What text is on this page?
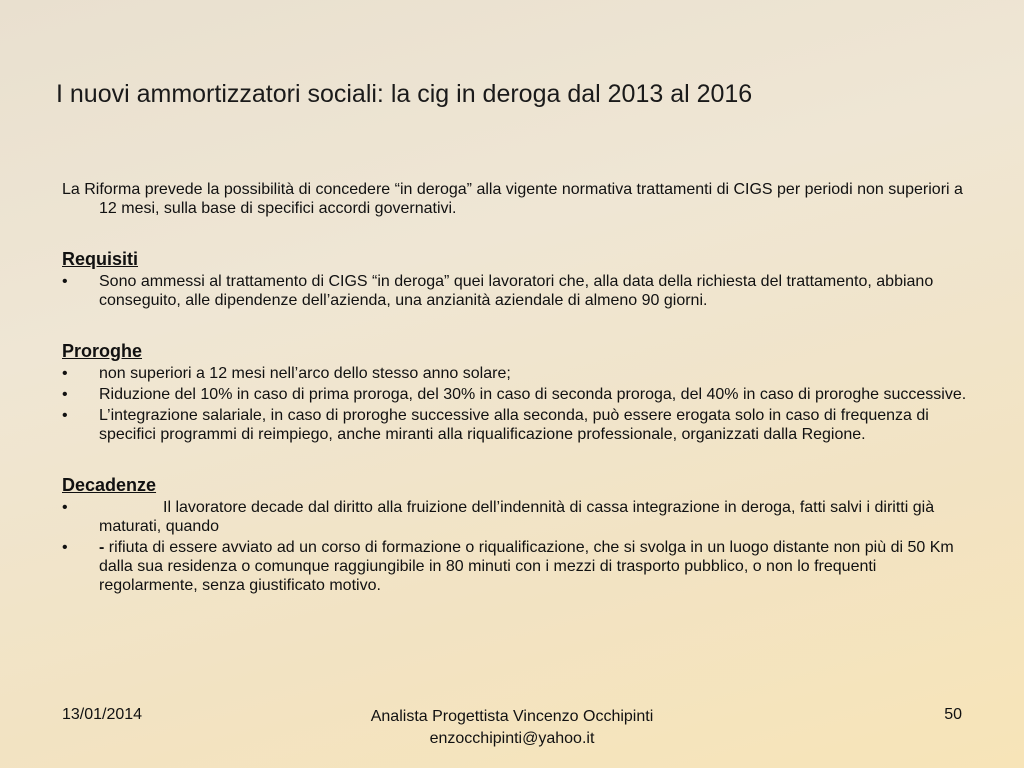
I nuovi ammortizzatori sociali: la cig in deroga dal 2013 al 2016

La Riforma prevede la possibilità di concedere “in deroga” alla vigente normativa trattamenti di CIGS per periodi non superiori a 12 mesi, sulla base di specifici accordi governativi.

Requisiti
•	Sono ammessi al trattamento di CIGS “in deroga” quei lavoratori che, alla data della richiesta del trattamento, abbiano conseguito, alle dipendenze dell’azienda, una anzianità aziendale di almeno 90 giorni.
Proroghe
•	non superiori a 12 mesi nell’arco dello stesso anno solare;
•	Riduzione del 10% in caso di prima proroga, del 30% in caso di seconda proroga, del 40% in caso di proroghe successive.
•	L’integrazione salariale, in caso di proroghe successive alla seconda, può essere erogata solo in caso di frequenza di specifici programmi di reimpiego, anche miranti alla riqualificazione professionale, organizzati dalla Regione.
Decadenze
•	Il lavoratore decade dal diritto alla fruizione dell’indennità di cassa integrazione in deroga, fatti salvi i diritti già maturati, quando
•	- riﬁuta di essere avviato ad un corso di formazione o riqualificazione, che si svolga in un luogo distante non più di 50 Km dalla sua residenza o comunque raggiungibile in 80 minuti con i mezzi di trasporto pubblico, o non lo frequenti regolarmente, senza giustificato motivo.
13/01/2014	Analista Progettista Vincenzo Occhipinti
enzocchipinti@yahoo.it
50
